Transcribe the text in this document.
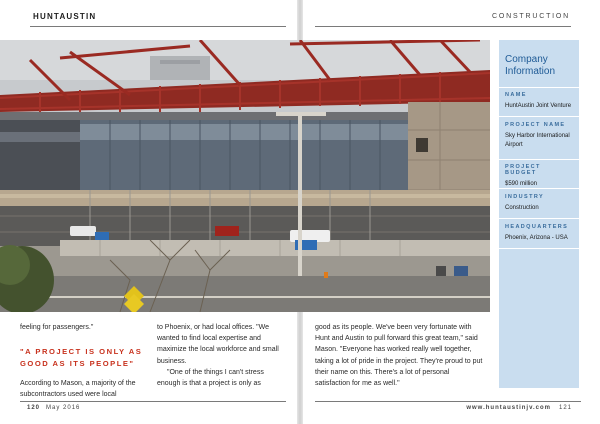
HUNTAUSTIN	CONSTRUCTION
Company Information
NAME
HuntAustin Joint Venture
PROJECT NAME
Sky Harbor International Airport
PROJECT BUDGET
$590 million
INDUSTRY
Construction
HEADQUARTERS
Phoenix, Arizona - USA

feeling for passengers."

"A PROJECT IS ONLY AS GOOD AS ITS PEOPLE"

According to Mason, a majority of the subcontractors used were local

to Phoenix, or had local offices. "We wanted to find local expertise and maximize the local workforce and small business.

"One of the things I can't stress enough is that a project is only as

good as its people. We've been very fortunate with Hunt and Austin to pull forward this great team," said Mason. "Everyone has worked really well together, taking a lot of pride in the project. They're proud to put their name on this. There's a lot of personal satisfaction for me as well."

120 May 2016	www.huntaustinjv.com 121
